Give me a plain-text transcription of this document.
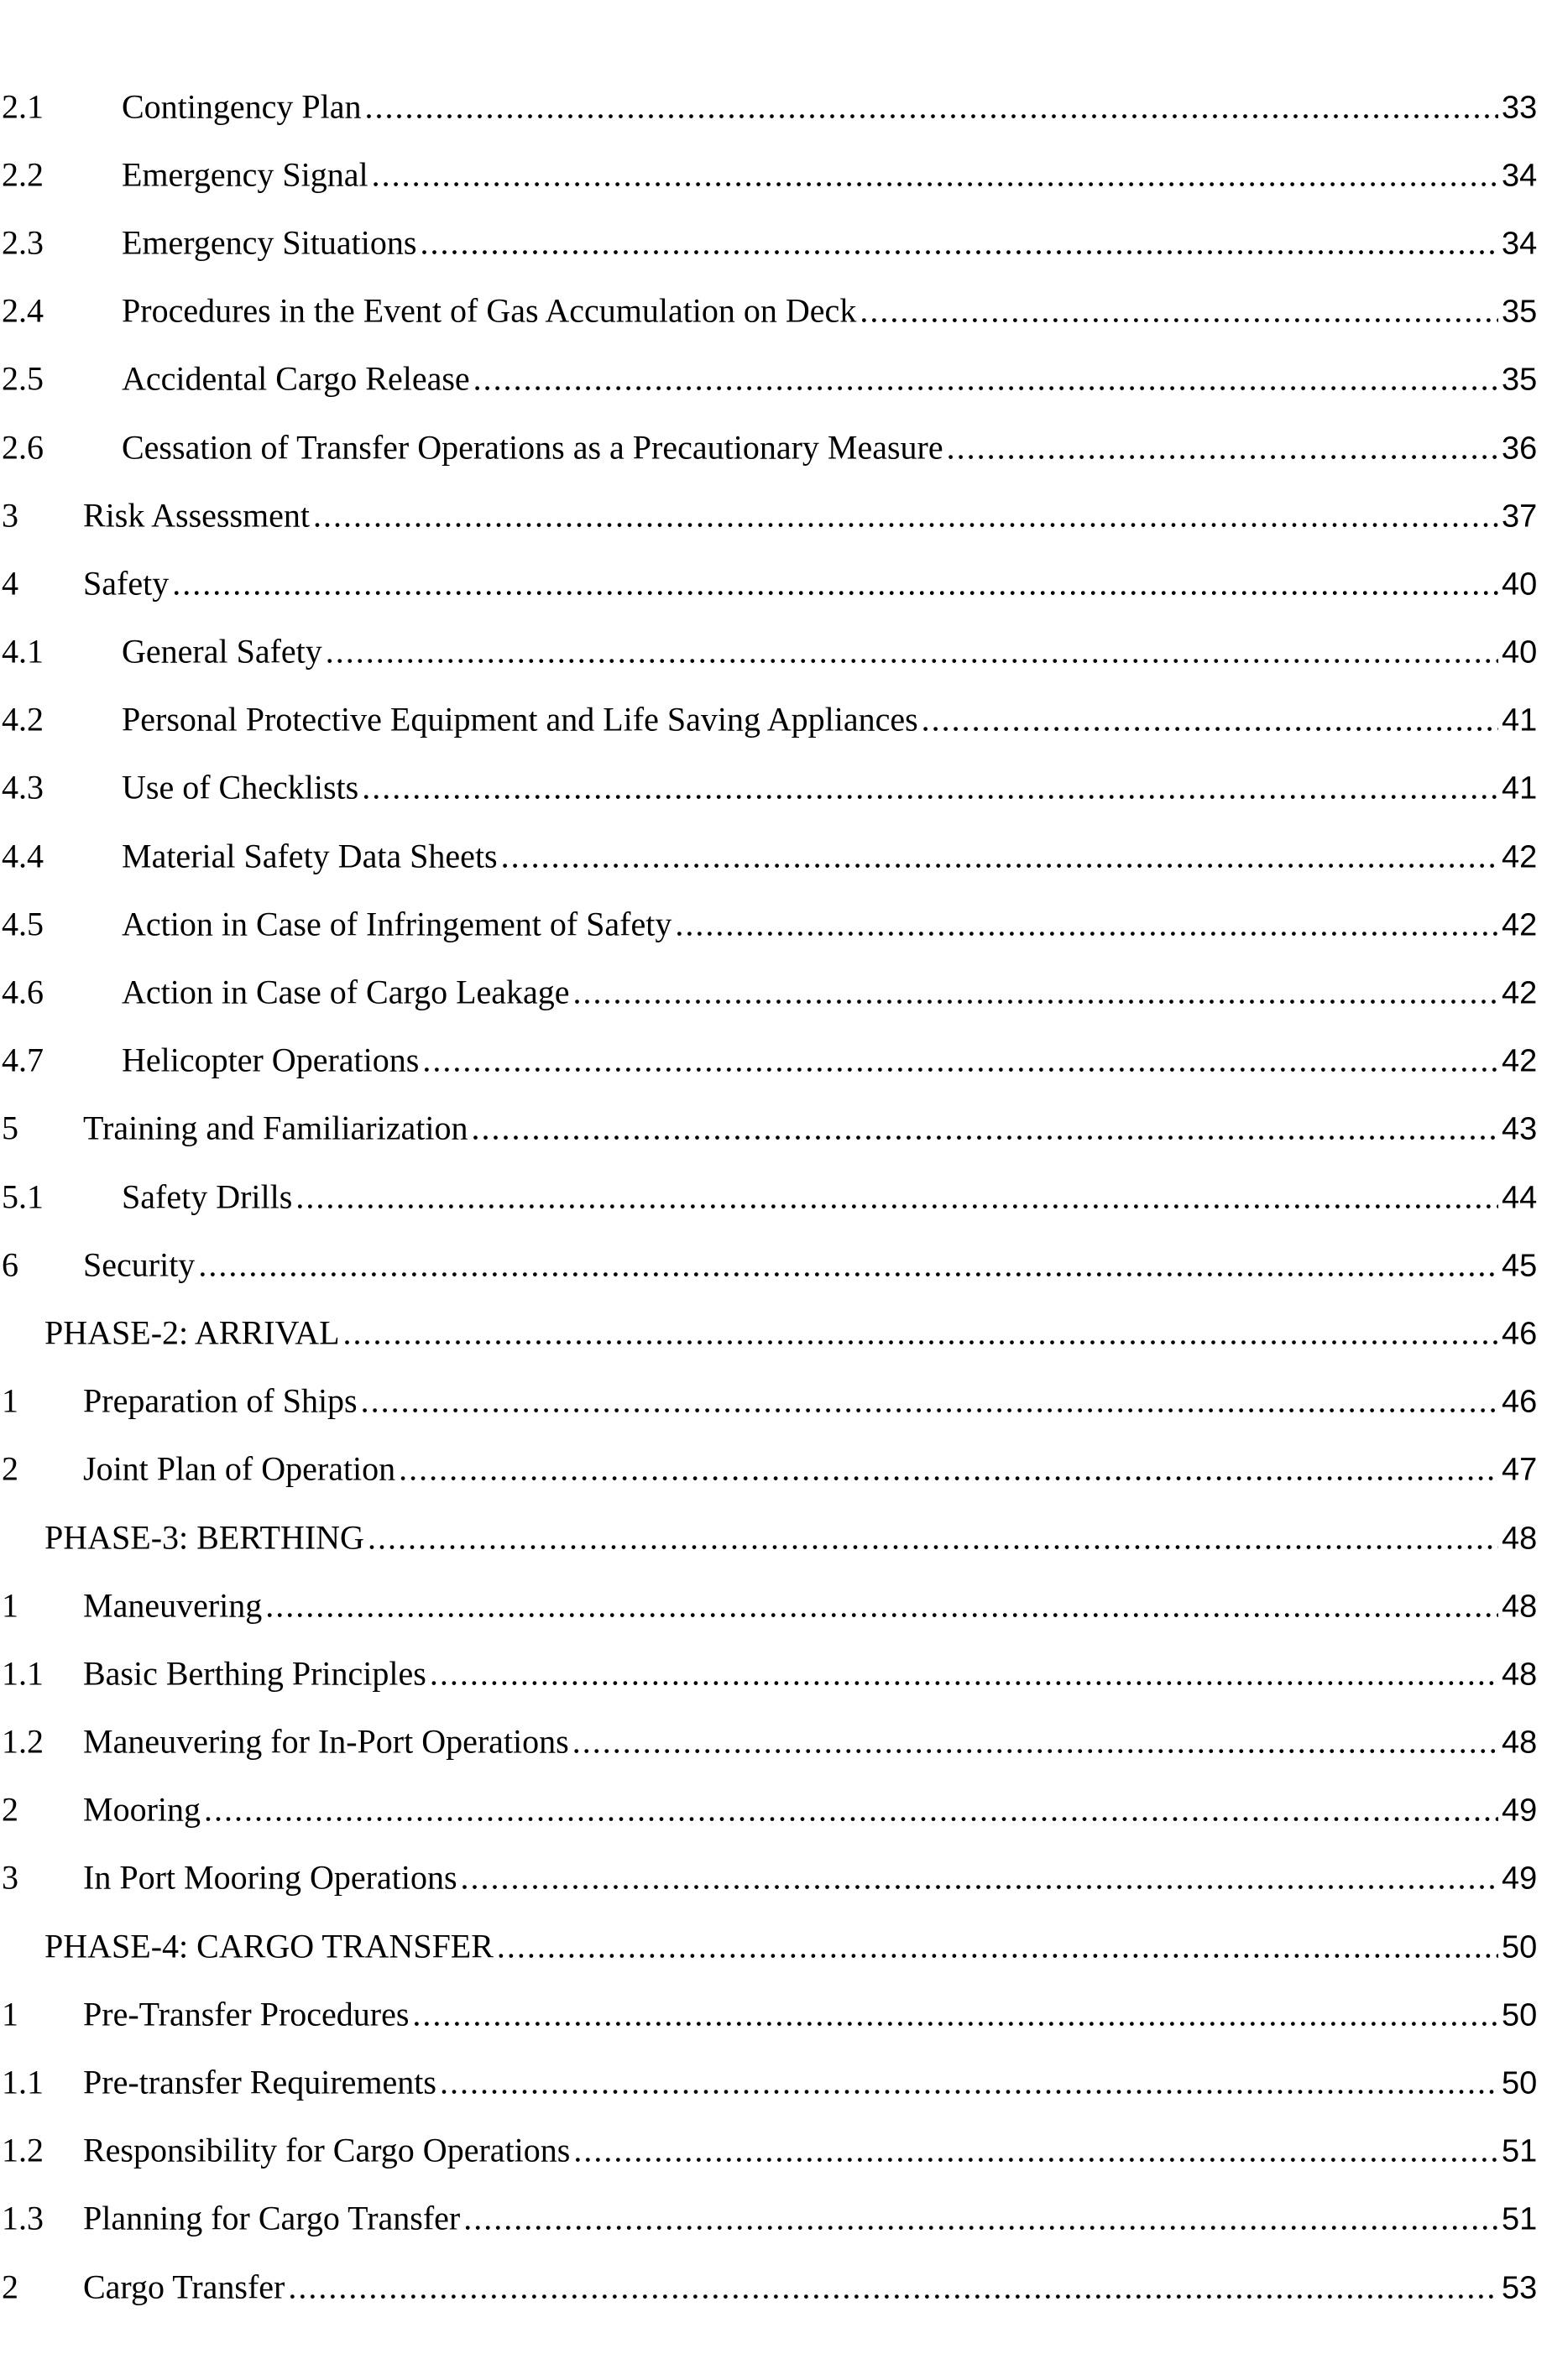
2.1 Contingency Plan .....	33
2.2 Emergency Signal .....	34
2.3 Emergency Situations .....	34
2.4 Procedures in the Event of Gas Accumulation on Deck .....	35
2.5 Accidental Cargo Release .....	35
2.6 Cessation of Transfer Operations as a Precautionary Measure .....	36
3 Risk Assessment .....	37
4 Safety .....	40
4.1 General Safety .....	40
4.2 Personal Protective Equipment and Life Saving Appliances .....	41
4.3 Use of Checklists .....	41
4.4 Material Safety Data Sheets .....	42
4.5 Action in Case of Infringement of Safety .....	42
4.6 Action in Case of Cargo Leakage .....	42
4.7 Helicopter Operations .....	42
5 Training and Familiarization .....	43
5.1 Safety Drills .....	44
6 Security .....	45
PHASE-2: ARRIVAL .....	46
1 Preparation of Ships .....	46
2 Joint Plan of Operation .....	47
PHASE-3: BERTHING .....	48
1 Maneuvering .....	48
1.1 Basic Berthing Principles .....	48
1.2 Maneuvering for In-Port Operations .....	48
2 Mooring .....	49
3 In Port Mooring Operations .....	49
PHASE-4: CARGO TRANSFER .....	50
1 Pre-Transfer Procedures .....	50
1.1 Pre-transfer Requirements .....	50
1.2 Responsibility for Cargo Operations .....	51
1.3 Planning for Cargo Transfer .....	51
2 Cargo Transfer .....	53
